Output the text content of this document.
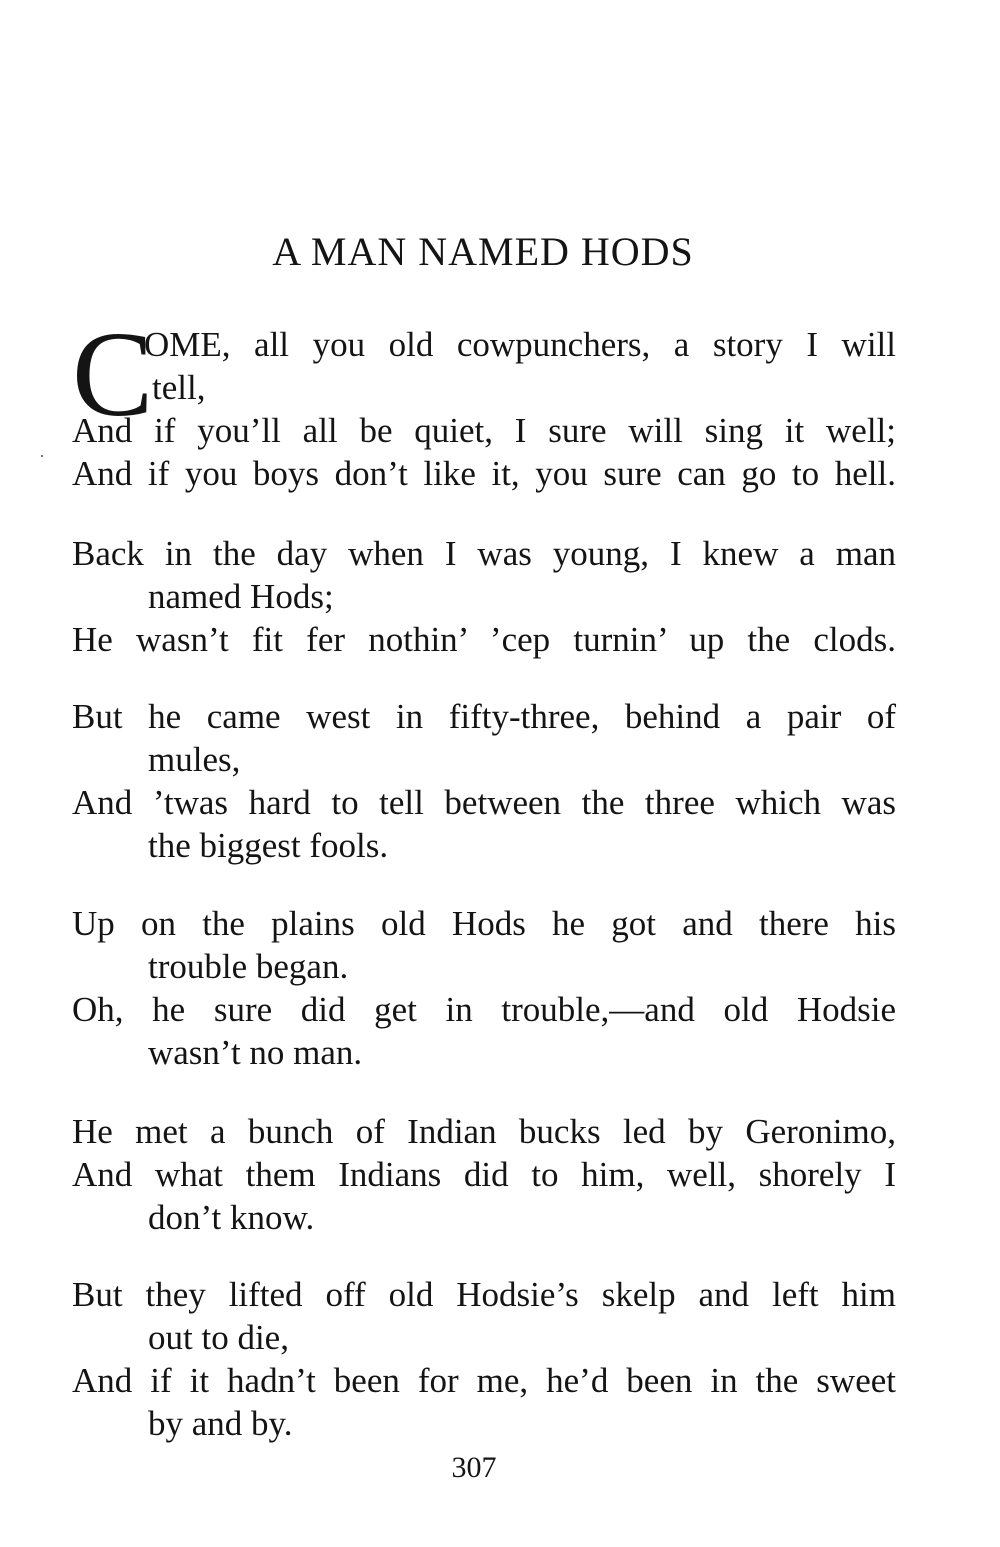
A MAN NAMED HODS
C
OME, all you old cowpunchers, a story I will
tell,
And if you’ll all be quiet, I sure will sing it well;
And if you boys don’t like it, you sure can go to hell.
Back in the day when I was young, I knew a man
named Hods;
He wasn’t fit fer nothin’ ’cep turnin’ up the clods.
But he came west in fifty-three, behind a pair of
mules,
And ’twas hard to tell between the three which was
the biggest fools.
Up on the plains old Hods he got and there his
trouble began.
Oh, he sure did get in trouble,—and old Hodsie
wasn’t no man.
He met a bunch of Indian bucks led by Geronimo,
And what them Indians did to him, well, shorely I
don’t know.
But they lifted off old Hodsie’s skelp and left him
out to die,
And if it hadn’t been for me, he’d been in the sweet
by and by.
307
